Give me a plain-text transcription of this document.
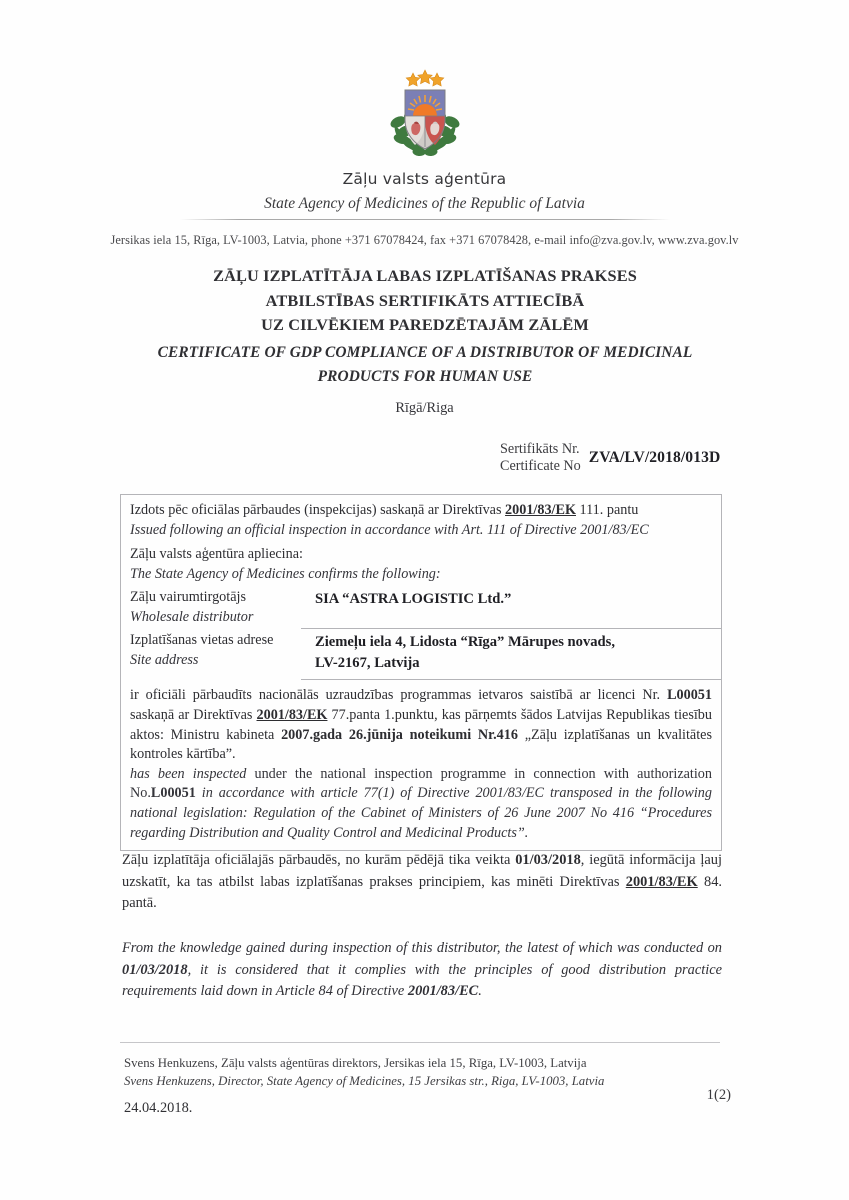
Zāļu valsts aģentūra
State Agency of Medicines of the Republic of Latvia
Jersikas iela 15, Rīga, LV-1003, Latvia, phone +371 67078424, fax +371 67078428, e-mail info@zva.gov.lv, www.zva.gov.lv
ZĀĻU IZPLATĪTĀJA LABAS IZPLATĪŠANAS PRAKSES
ATBILSTĪBAS SERTIFIKĀTS ATTIECĪBĀ
UZ CILVĒKIEM PAREDZĒTAJĀM ZĀLĒM
CERTIFICATE OF GDP COMPLIANCE OF A DISTRIBUTOR OF MEDICINAL
PRODUCTS FOR HUMAN USE
Rīgā/Riga
Sertifikāts Nr.
Certificate No ZVA/LV/2018/013D
Izdots pēc oficiālas pārbaudes (inspekcijas) saskaņā ar Direktīvas 2001/83/EK 111. pantu
Issued following an official inspection in accordance with Art. 111 of Directive 2001/83/EC
Zāļu valsts aģentūra apliecina:
The State Agency of Medicines confirms the following:
Zāļu vairumtirgotājs
Wholesale distributor
SIA “ASTRA LOGISTIC Ltd.”
Izplatīšanas vietas adrese
Site address
Ziemeļu iela 4, Lidosta “Rīga” Mārupes novads,
LV-2167, Latvija
ir oficiāli pārbaudīts nacionālās uzraudzības programmas ietvaros saistībā ar licenci Nr. L00051 saskaņā ar Direktīvas 2001/83/EK 77.panta 1.punktu, kas pārņemts šādos Latvijas Republikas tiesību aktos: Ministru kabineta 2007.gada 26.jūnija noteikumi Nr.416 „Zāļu izplatīšanas un kvalitātes kontroles kārtība”.
has been inspected under the national inspection programme in connection with authorization No.L00051 in accordance with article 77(1) of Directive 2001/83/EC transposed in the following national legislation: Regulation of the Cabinet of Ministers of 26 June 2007 No 416 “Procedures regarding Distribution and Quality Control and Medicinal Products”.
Zāļu izplatītāja oficiālajās pārbaudēs, no kurām pēdējā tika veikta 01/03/2018, iegūtā informācija ļauj uzskatīt, ka tas atbilst labas izplatīšanas prakses principiem, kas minēti Direktīvas 2001/83/EK 84. pantā.
From the knowledge gained during inspection of this distributor, the latest of which was conducted on 01/03/2018, it is considered that it complies with the principles of good distribution practice requirements laid down in Article 84 of Directive 2001/83/EC.
Svens Henkuzens, Zāļu valsts aģentūras direktors, Jersikas iela 15, Rīga, LV-1003, Latvija
Svens Henkuzens, Director, State Agency of Medicines, 15 Jersikas str., Riga, LV-1003, Latvia
1(2)
24.04.2018.
